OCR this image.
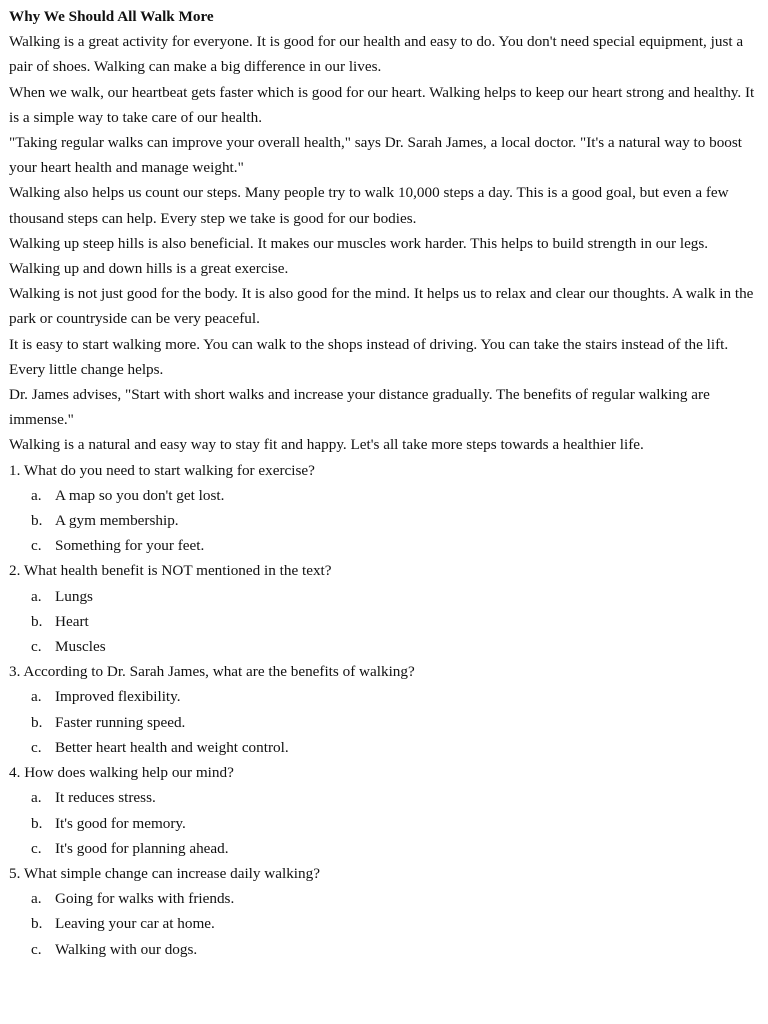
Why We Should All Walk More

Walking is a great activity for everyone. It is good for our health and easy to do. You don't need special equipment, just a pair of shoes. Walking can make a big difference in our lives.

When we walk, our heartbeat gets faster which is good for our heart. Walking helps to keep our heart strong and healthy. It is a simple way to take care of our health.

"Taking regular walks can improve your overall health," says Dr. Sarah James, a local doctor. "It's a natural way to boost your heart health and manage weight."

Walking also helps us count our steps. Many people try to walk 10,000 steps a day. This is a good goal, but even a few thousand steps can help. Every step we take is good for our bodies.

Walking up steep hills is also beneficial. It makes our muscles work harder. This helps to build strength in our legs. Walking up and down hills is a great exercise.

Walking is not just good for the body. It is also good for the mind. It helps us to relax and clear our thoughts. A walk in the park or countryside can be very peaceful.

It is easy to start walking more. You can walk to the shops instead of driving. You can take the stairs instead of the lift. Every little change helps.

Dr. James advises, "Start with short walks and increase your distance gradually. The benefits of regular walking are immense."

Walking is a natural and easy way to stay fit and happy. Let's all take more steps towards a healthier life.

1. What do you need to start walking for exercise?

a. A map so you don't get lost.
b. A gym membership.
c. Something for your feet.

2. What health benefit is NOT mentioned in the text?

a. Lungs
b. Heart
c. Muscles

3. According to Dr. Sarah James, what are the benefits of walking?

a. Improved flexibility.
b. Faster running speed.
c. Better heart health and weight control.

4. How does walking help our mind?

a. It reduces stress.
b. It's good for memory.
c. It's good for planning ahead.

5. What simple change can increase daily walking?

a. Going for walks with friends.
b. Leaving your car at home.
c. Walking with our dogs.
